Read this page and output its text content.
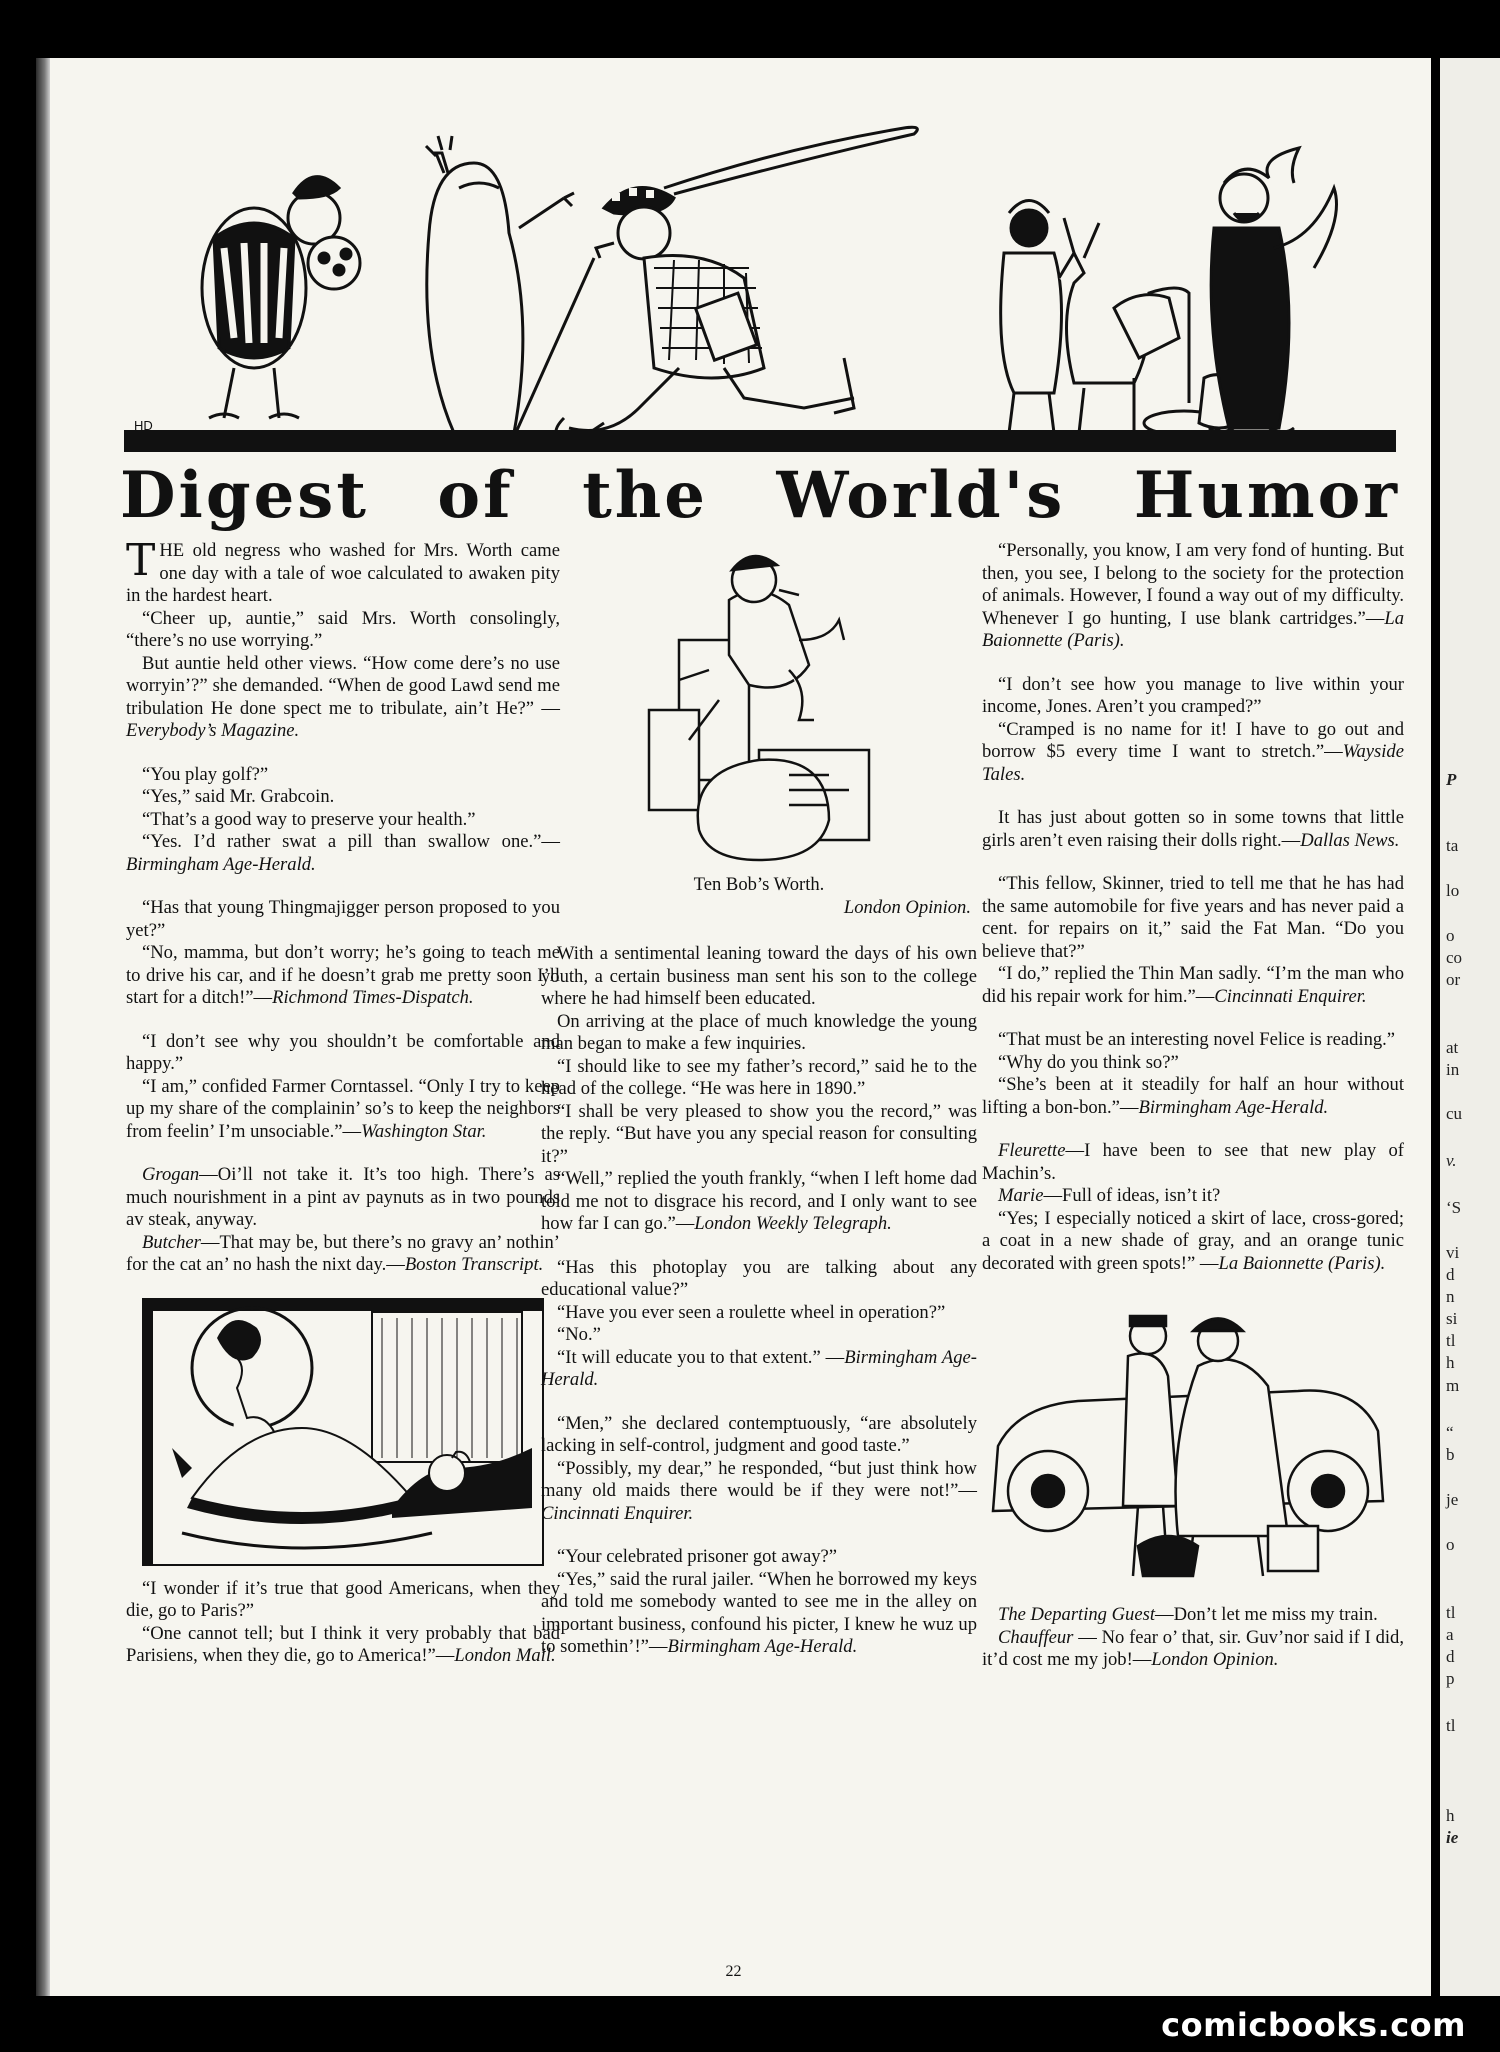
HD
Digest of the World's Humor

THE old negress who washed for Mrs. Worth came one day with a tale of woe calculated to awaken pity in the hardest heart.

“Cheer up, auntie,” said Mrs. Worth consolingly, “there’s no use worrying.”

But auntie held other views. “How come dere’s no use worryin’?” she demanded. “When de good Lawd send me tribulation He done spect me to tribulate, ain’t He?” — Everybody’s Magazine.

“You play golf?”

“Yes,” said Mr. Grabcoin.

“That’s a good way to preserve your health.”

“Yes. I’d rather swat a pill than swallow one.”—Birmingham Age-Herald.

“Has that young Thingmajigger person proposed to you yet?”

“No, mamma, but don’t worry; he’s going to teach me to drive his car, and if he doesn’t grab me pretty soon I’ll start for a ditch!”—Richmond Times-Dispatch.

“I don’t see why you shouldn’t be comfortable and happy.”

“I am,” confided Farmer Corntassel. “Only I try to keep up my share of the complainin’ so’s to keep the neighbors from feelin’ I’m unsociable.”—Washington Star.

Grogan—Oi’ll not take it. It’s too high. There’s as much nourishment in a pint av paynuts as in two pounds av steak, anyway.

Butcher—That may be, but there’s no gravy an’ nothin’ for the cat an’ no hash the nixt day.—Boston Transcript.

“I wonder if it’s true that good Americans, when they die, go to Paris?”

“One cannot tell; but I think it very probably that bad Parisiens, when they die, go to America!”—London Mail.

Ten Bob’s Worth.
London Opinion.

With a sentimental leaning toward the days of his own youth, a certain business man sent his son to the college where he had himself been educated.

On arriving at the place of much knowledge the young man began to make a few inquiries.

“I should like to see my father’s record,” said he to the head of the college. “He was here in 1890.”

“I shall be very pleased to show you the record,” was the reply. “But have you any special reason for consulting it?”

“Well,” replied the youth frankly, “when I left home dad told me not to disgrace his record, and I only want to see how far I can go.”—London Weekly Telegraph.

“Has this photoplay you are talking about any educational value?”

“Have you ever seen a roulette wheel in operation?”

“No.”

“It will educate you to that extent.” —Birmingham Age-Herald.

“Men,” she declared contemptuously, “are absolutely lacking in self-control, judgment and good taste.”

“Possibly, my dear,” he responded, “but just think how many old maids there would be if they were not!”—Cincinnati Enquirer.

“Your celebrated prisoner got away?”

“Yes,” said the rural jailer. “When he borrowed my keys and told me somebody wanted to see me in the alley on important business, confound his picter, I knew he wuz up to somethin’!”—Birmingham Age-Herald.

“Personally, you know, I am very fond of hunting. But then, you see, I belong to the society for the protection of animals. However, I found a way out of my difficulty. Whenever I go hunting, I use blank cartridges.”—La Baionnette (Paris).

“I don’t see how you manage to live within your income, Jones. Aren’t you cramped?”

“Cramped is no name for it! I have to go out and borrow $5 every time I want to stretch.”—Wayside Tales.

It has just about gotten so in some towns that little girls aren’t even raising their dolls right.—Dallas News.

“This fellow, Skinner, tried to tell me that he has had the same automobile for five years and has never paid a cent. for repairs on it,” said the Fat Man. “Do you believe that?”

“I do,” replied the Thin Man sadly. “I’m the man who did his repair work for him.”—Cincinnati Enquirer.

“That must be an interesting novel Felice is reading.”

“Why do you think so?”

“She’s been at it steadily for half an hour without lifting a bon-bon.”—Birmingham Age-Herald.

Fleurette—I have been to see that new play of Machin’s.

Marie—Full of ideas, isn’t it?

“Yes; I especially noticed a skirt of lace, cross-gored; a coat in a new shade of gray, and an orange tunic decorated with green spots!” —La Baionnette (Paris).

The Departing Guest—Don’t let me miss my train.

Chauffeur — No fear o’ that, sir. Guv’nor said if I did, it’d cost me my job!—London Opinion.

22
P
ta
lo
o
co
or
at
in
cu
v.
‘S
vi
d
n
si
tl
h
m
“
b
je
o
tl
a
d
p
tl
h
ie
comicbooks.com
